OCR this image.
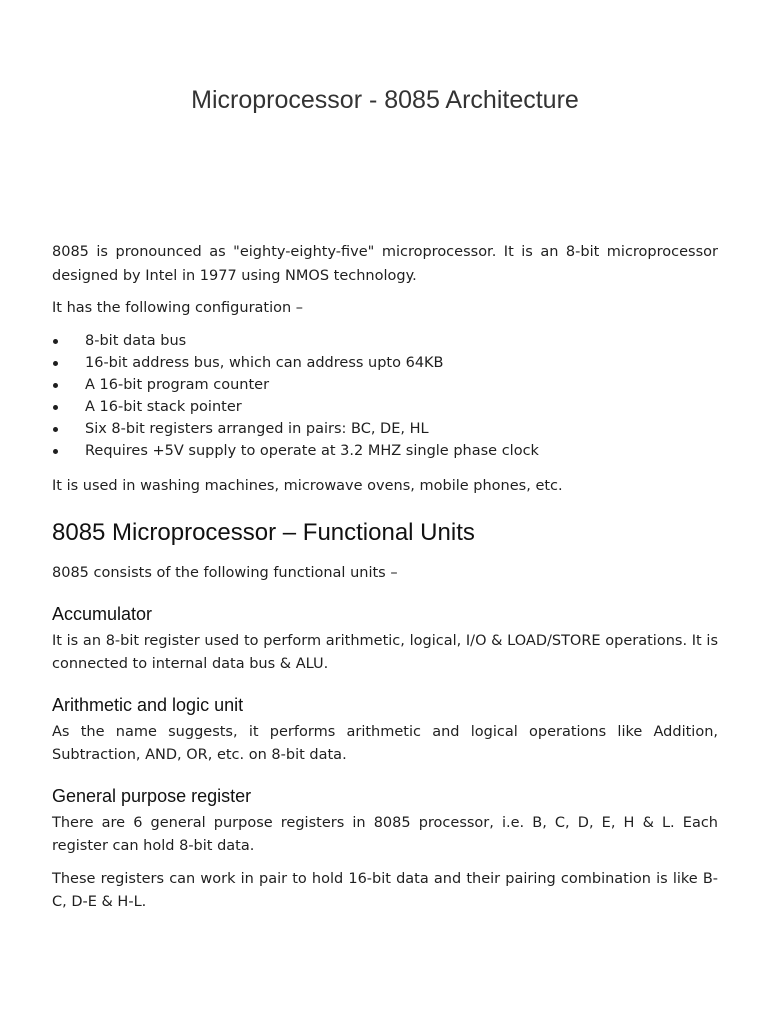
Microprocessor - 8085 Architecture

8085 is pronounced as "eighty-eighty-five" microprocessor. It is an 8-bit microprocessor designed by Intel in 1977 using NMOS technology.

It has the following configuration –

8-bit data bus
16-bit address bus, which can address upto 64KB
A 16-bit program counter
A 16-bit stack pointer
Six 8-bit registers arranged in pairs: BC, DE, HL
Requires +5V supply to operate at 3.2 MHZ single phase clock

It is used in washing machines, microwave ovens, mobile phones, etc.

8085 Microprocessor – Functional Units

8085 consists of the following functional units –

Accumulator

It is an 8-bit register used to perform arithmetic, logical, I/O & LOAD/STORE operations. It is connected to internal data bus & ALU.

Arithmetic and logic unit

As the name suggests, it performs arithmetic and logical operations like Addition, Subtraction, AND, OR, etc. on 8-bit data.

General purpose register

There are 6 general purpose registers in 8085 processor, i.e. B, C, D, E, H & L. Each register can hold 8-bit data.

These registers can work in pair to hold 16-bit data and their pairing combination is like B-C, D-E & H-L.
